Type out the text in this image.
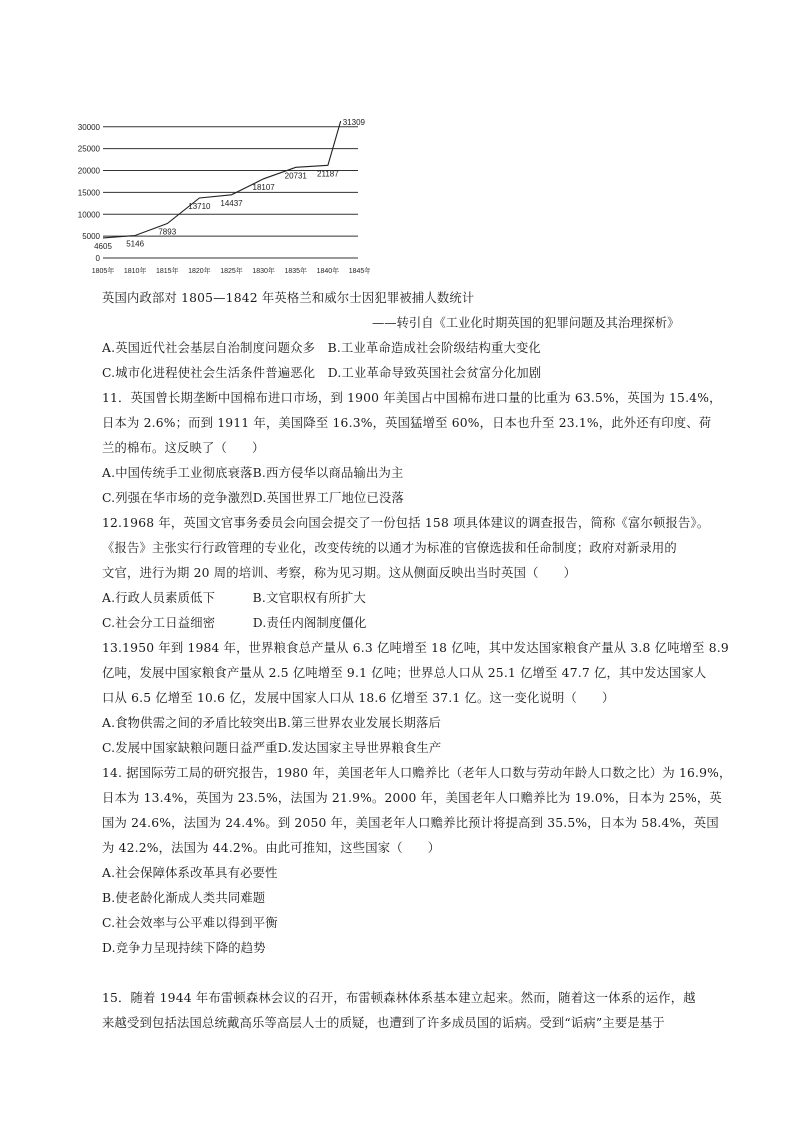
0
5000
10000
15000
20000
25000
30000
1805年 1810年 1815年 1820年 1825年 1830年 1835年 1840年 1845年
4605 5146
7893
13710 14437
18107
20731 21187
31309
英国内政部对 1805—1842 年英格兰和威尔士因犯罪被捕人数统计
——转引自《工业化时期英国的犯罪问题及其治理探析》
A.英国近代社会基层自治制度问题众多　B.工业革命造成社会阶级结构重大变化
C.城市化进程使社会生活条件普遍恶化　D.工业革命导致英国社会贫富分化加剧
11．英国曾长期垄断中国棉布进口市场，到 1900 年美国占中国棉布进口量的比重为 63.5%，英国为 15.4%，
日本为 2.6%；而到 1911 年，美国降至 16.3%，英国猛增至 60%，日本也升至 23.1%，此外还有印度、荷
兰的棉布。这反映了（　　）
A.中国传统手工业彻底衰落B.西方侵华以商品输出为主
C.列强在华市场的竞争激烈D.英国世界工厂地位已没落
12.1968 年，英国文官事务委员会向国会提交了一份包括 158 项具体建议的调查报告，简称《富尔顿报告》。
《报告》主张实行行政管理的专业化，改变传统的以通才为标准的官僚选拔和任命制度；政府对新录用的
文官，进行为期 20 周的培训、考察，称为见习期。这从侧面反映出当时英国（　　）
A.行政人员素质低下　　　B.文官职权有所扩大
C.社会分工日益细密　　　D.责任内阁制度僵化
13.1950 年到 1984 年，世界粮食总产量从 6.3 亿吨增至 18 亿吨，其中发达国家粮食产量从 3.8 亿吨增至 8.9
亿吨，发展中国家粮食产量从 2.5 亿吨增至 9.1 亿吨；世界总人口从 25.1 亿增至 47.7 亿，其中发达国家人
口从 6.5 亿增至 10.6 亿，发展中国家人口从 18.6 亿增至 37.1 亿。这一变化说明（　　）
A.食物供需之间的矛盾比较突出B.第三世界农业发展长期落后
C.发展中国家缺粮问题日益严重D.发达国家主导世界粮食生产
14. 据国际劳工局的研究报告，1980 年，美国老年人口赡养比（老年人口数与劳动年龄人口数之比）为 16.9%，
日本为 13.4%，英国为 23.5%，法国为 21.9%。2000 年，美国老年人口赡养比为 19.0%，日本为 25%，英
国为 24.6%，法国为 24.4%。到 2050 年，美国老年人口赡养比预计将提高到 35.5%，日本为 58.4%，英国
为 42.2%，法国为 44.2%。由此可推知，这些国家（　　）
A.社会保障体系改革具有必要性
B.使老龄化渐成人类共同难题
C.社会效率与公平难以得到平衡
D.竞争力呈现持续下降的趋势
15．随着 1944 年布雷顿森林会议的召开，布雷顿森林体系基本建立起来。然而，随着这一体系的运作，越
来越受到包括法国总统戴高乐等高层人士的质疑，也遭到了许多成员国的诟病。受到“诟病”主要是基于
